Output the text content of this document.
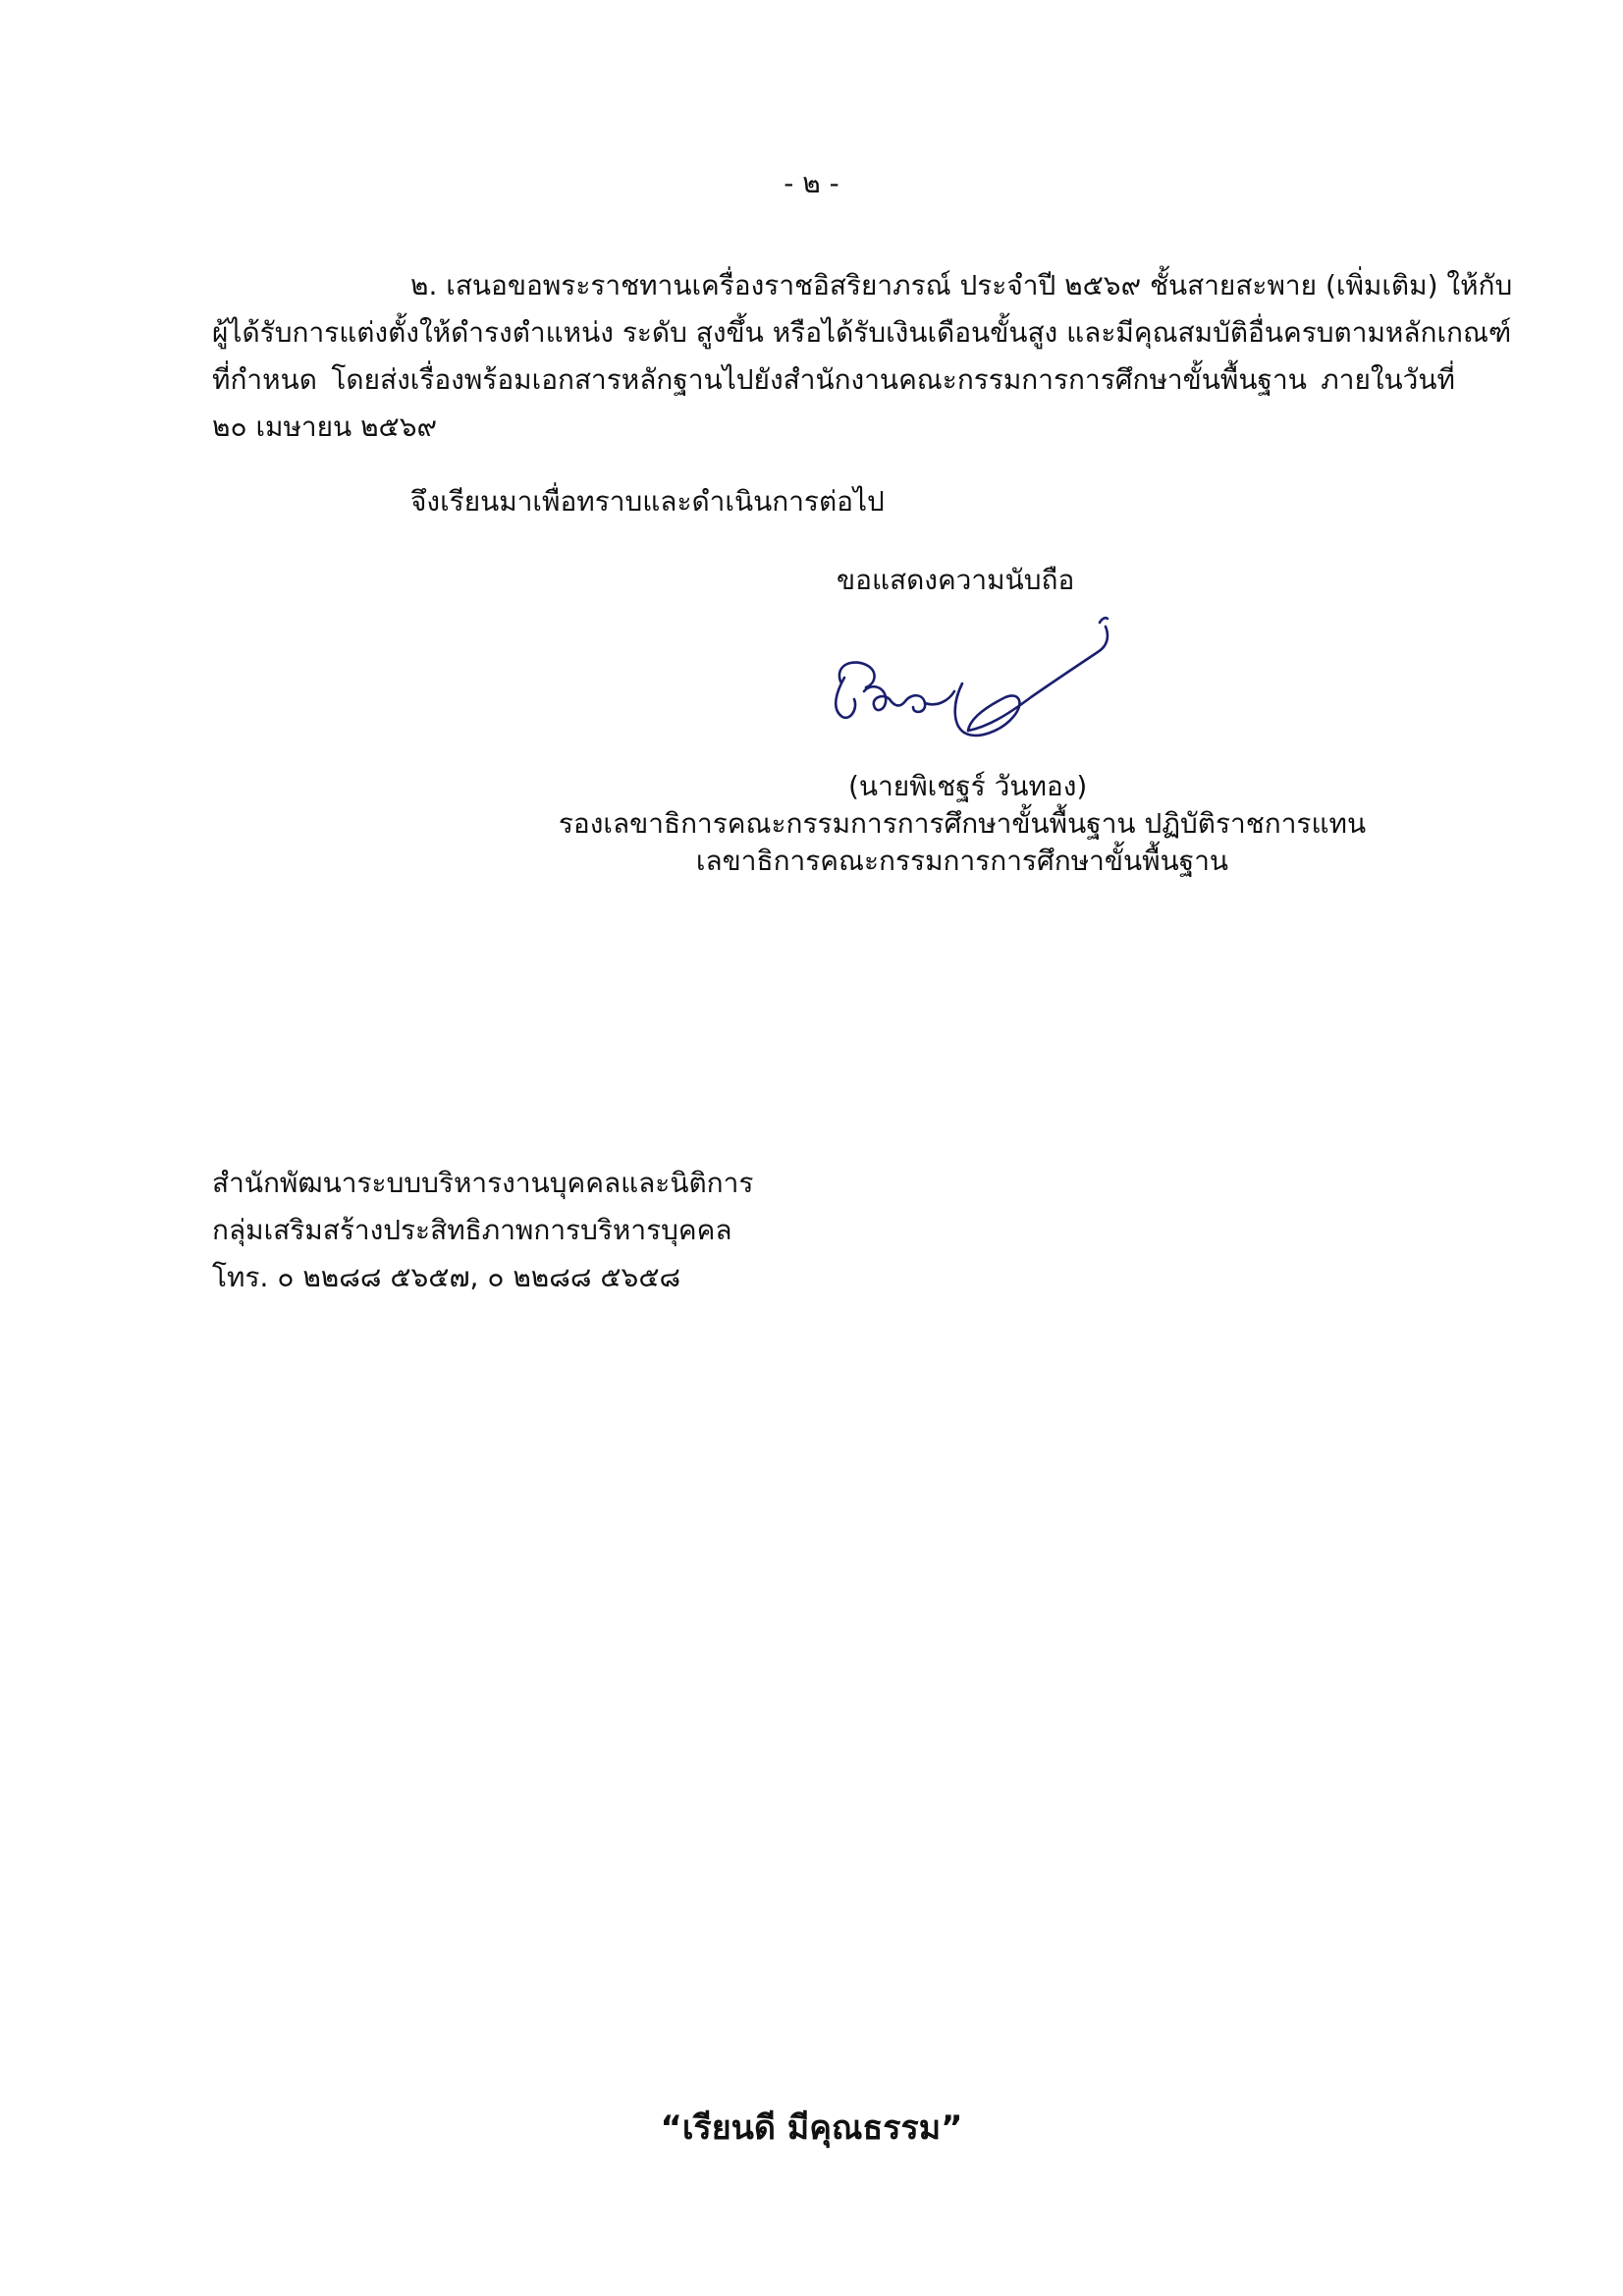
- ๒ -
๒. เสนอขอพระราชทานเครื่องราชอิสริยาภรณ์ ประจำปี ๒๕๖๙ ชั้นสายสะพาย (เพิ่มเติม) ให้กับ
ผู้ได้รับการแต่งตั้งให้ดำรงตำแหน่ง ระดับ สูงขึ้น หรือได้รับเงินเดือนขั้นสูง และมีคุณสมบัติอื่นครบตามหลักเกณฑ์
ที่กำหนด โดยส่งเรื่องพร้อมเอกสารหลักฐานไปยังสำนักงานคณะกรรมการการศึกษาขั้นพื้นฐาน ภายในวันที่
๒๐ เมษายน ๒๕๖๙
จึงเรียนมาเพื่อทราบและดำเนินการต่อไป
ขอแสดงความนับถือ
(นายพิเชฐร์ วันทอง)
รองเลขาธิการคณะกรรมการการศึกษาขั้นพื้นฐาน ปฏิบัติราชการแทน
เลขาธิการคณะกรรมการการศึกษาขั้นพื้นฐาน
สำนักพัฒนาระบบบริหารงานบุคคลและนิติการ
กลุ่มเสริมสร้างประสิทธิภาพการบริหารบุคคล
โทร. ๐ ๒๒๘๘ ๕๖๕๗, ๐ ๒๒๘๘ ๕๖๕๘
“เรียนดี มีคุณธรรม”
